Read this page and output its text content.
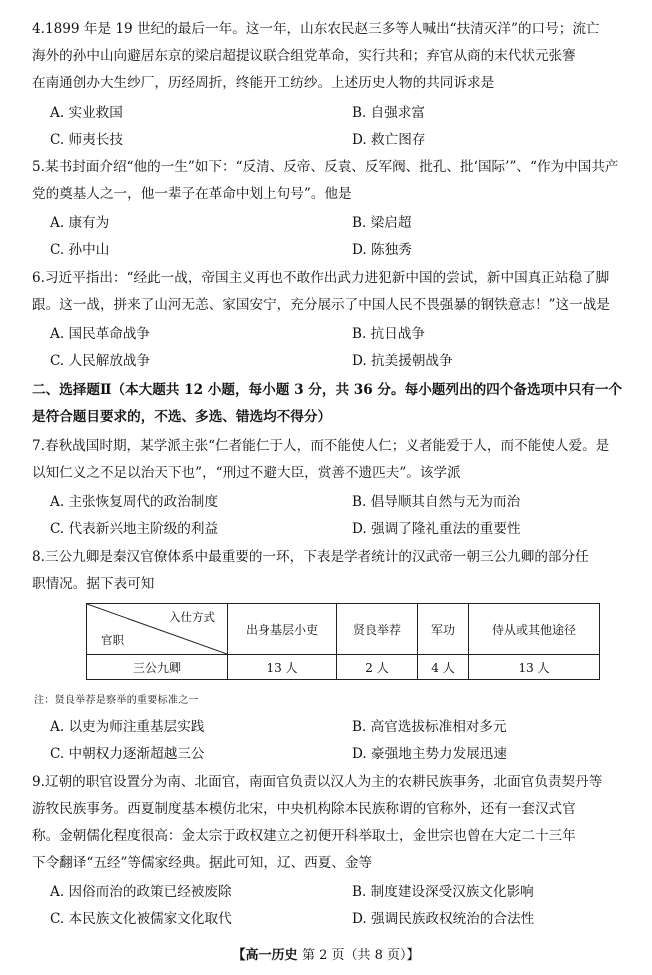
4.1899 年是 19 世纪的最后一年。这一年，山东农民赵三多等人喊出“扶清灭洋”的口号；流亡
海外的孙中山向避居东京的梁启超提议联合组党革命，实行共和；弃官从商的末代状元张謇
在南通创办大生纱厂，历经周折，终能开工纺纱。上述历史人物的共同诉求是
A. 实业救国	B. 自强求富
C. 师夷长技	D. 救亡图存
5.某书封面介绍“他的一生”如下：“反清、反帝、反袁、反军阀、批孔、批‘国际’”、“作为中国共产
党的奠基人之一，他一辈子在革命中划上句号”。他是
A. 康有为	B. 梁启超
C. 孙中山	D. 陈独秀
6.习近平指出：“经此一战，帝国主义再也不敢作出武力进犯新中国的尝试，新中国真正站稳了脚
跟。这一战，拼来了山河无恙、家国安宁，充分展示了中国人民不畏强暴的钢铁意志！”这一战是
A. 国民革命战争	B. 抗日战争
C. 人民解放战争	D. 抗美援朝战争
二、选择题Ⅱ（本大题共 12 小题，每小题 3 分，共 36 分。每小题列出的四个备选项中只有一个
是符合题目要求的，不选、多选、错选均不得分）
7.春秋战国时期，某学派主张“仁者能仁于人，而不能使人仁；义者能爱于人，而不能使人爱。是
以知仁义之不足以治天下也”，“刑过不避大臣，赏善不遗匹夫”。该学派
A. 主张恢复周代的政治制度	B. 倡导顺其自然与无为而治
C. 代表新兴地主阶级的利益	D. 强调了隆礼重法的重要性
8.三公九卿是秦汉官僚体系中最重要的一环，下表是学者统计的汉武帝一朝三公九卿的部分任
职情况。据下表可知
入仕方式
官职	出身基层小吏	贤良举荐	军功	侍从或其他途径
三公九卿	13 人	2 人	4 人	13 人
注：贤良举荐是察举的重要标准之一
A. 以吏为师注重基层实践	B. 高官选拔标准相对多元
C. 中朝权力逐渐超越三公	D. 豪强地主势力发展迅速
9.辽朝的职官设置分为南、北面官，南面官负责以汉人为主的农耕民族事务，北面官负责契丹等
游牧民族事务。西夏制度基本模仿北宋，中央机构除本民族称谓的官称外，还有一套汉式官
称。金朝儒化程度很高：金太宗于政权建立之初便开科举取士，金世宗也曾在大定二十三年
下令翻译“五经”等儒家经典。据此可知，辽、西夏、金等
A. 因俗而治的政策已经被废除	B. 制度建设深受汉族文化影响
C. 本民族文化被儒家文化取代	D. 强调民族政权统治的合法性
【高一历史 第 2 页（共 8 页）】
